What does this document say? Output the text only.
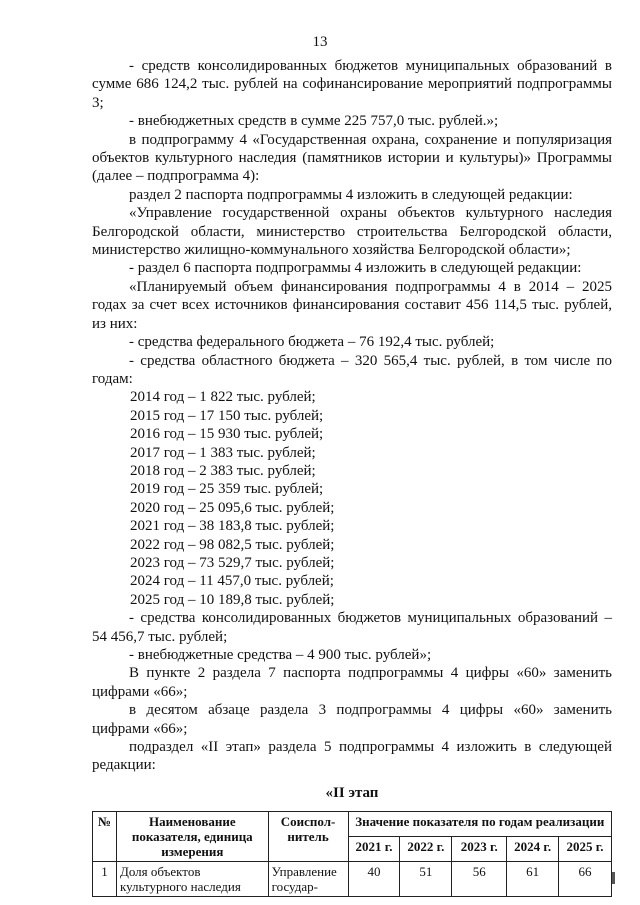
13

- средств консолидированных бюджетов муниципальных образований в сумме 686 124,2 тыс. рублей на софинансирование мероприятий подпрограммы 3;

- внебюджетных средств в сумме 225 757,0 тыс. рублей.»;

в подпрограмму 4 «Государственная охрана, сохранение и популяризация объектов культурного наследия (памятников истории и культуры)» Программы (далее – подпрограмма 4):

раздел 2 паспорта подпрограммы 4 изложить в следующей редакции:

«Управление государственной охраны объектов культурного наследия Белгородской области, министерство строительства Белгородской области, министерство жилищно-коммунального хозяйства Белгородской области»;

- раздел 6 паспорта подпрограммы 4 изложить в следующей редакции:

«Планируемый объем финансирования подпрограммы 4 в 2014 – 2025 годах за счет всех источников финансирования составит 456 114,5 тыс. рублей, из них:

- средства федерального бюджета – 76 192,4 тыс. рублей;

- средства областного бюджета – 320 565,4 тыс. рублей, в том числе по годам:

2014 год – 1 822 тыс. рублей;

2015 год – 17 150 тыс. рублей;

2016 год – 15 930 тыс. рублей;

2017 год – 1 383 тыс. рублей;

2018 год – 2 383 тыс. рублей;

2019 год – 25 359 тыс. рублей;

2020 год – 25 095,6 тыс. рублей;

2021 год – 38 183,8 тыс. рублей;

2022 год – 98 082,5 тыс. рублей;

2023 год – 73 529,7 тыс. рублей;

2024 год – 11 457,0 тыс. рублей;

2025 год – 10 189,8 тыс. рублей;

- средства консолидированных бюджетов муниципальных образований – 54 456,7 тыс. рублей;

- внебюджетные средства – 4 900 тыс. рублей»;

В пункте 2 раздела 7 паспорта подпрограммы 4 цифры «60» заменить цифрами «66»;

в десятом абзаце раздела 3 подпрограммы 4 цифры «60» заменить цифрами «66»;

подраздел «II этап» раздела 5 подпрограммы 4 изложить в следующей редакции:

«II этап
№	Наименование показателя, единица измерения	Соиспол-нитель	Значение показателя по годам реализации				
			2021 г.	2022 г.	2023 г.	2024 г.	2025 г.
1	Доля объектов культурного наследия	Управление государ-	40	51	56	61	66
